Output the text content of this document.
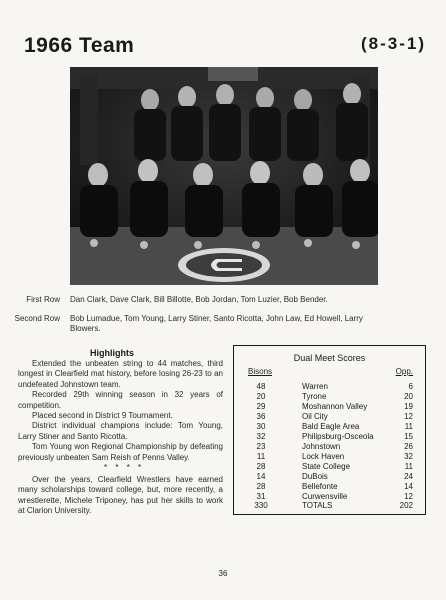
1966 Team	(8-3-1)
First Row Dan Clark, Dave Clark, Bill Billotte, Bob Jordan, Tom Luzier, Bob Bender.
Second Row Bob Lumadue, Tom Young, Larry Stiner, Santo Ricotta, John Law, Ed Howell, Larry Blowers.
Highlights

Extended the unbeaten string to 44 matches, third longest in Clearfield mat history, before losing 26-23 to an undefeated Johnstown team.

Recorded 29th winning season in 32 years of competition.

Placed second in District 9 Tournament.

District individual champions include: Tom Young, Larry Stiner and Santo Ricotta.

Tom Young won Regional Championship by defeating previously unbeaten Sam Reish of Penns Valley.

* * * *

Over the years, Clearfield Wrestlers have earned many scholarships toward college, but, more recently, a wrestlerette, Michele Triponey, has put her skills to work at Clarion University.

Dual Meet Scores
Bisons	Opp.
48	Warren	6
20	Tyrone	20
29	Moshannon Valley	19
36	Oil City	12
30	Bald Eagle Area	11
32	Philipsburg-Osceola	15
23	Johnstown	26
11	Lock Haven	32
28	State College	11
14	DuBois	24
28	Bellefonte	14
31	Curwensville	12
330	TOTALS	202
36
